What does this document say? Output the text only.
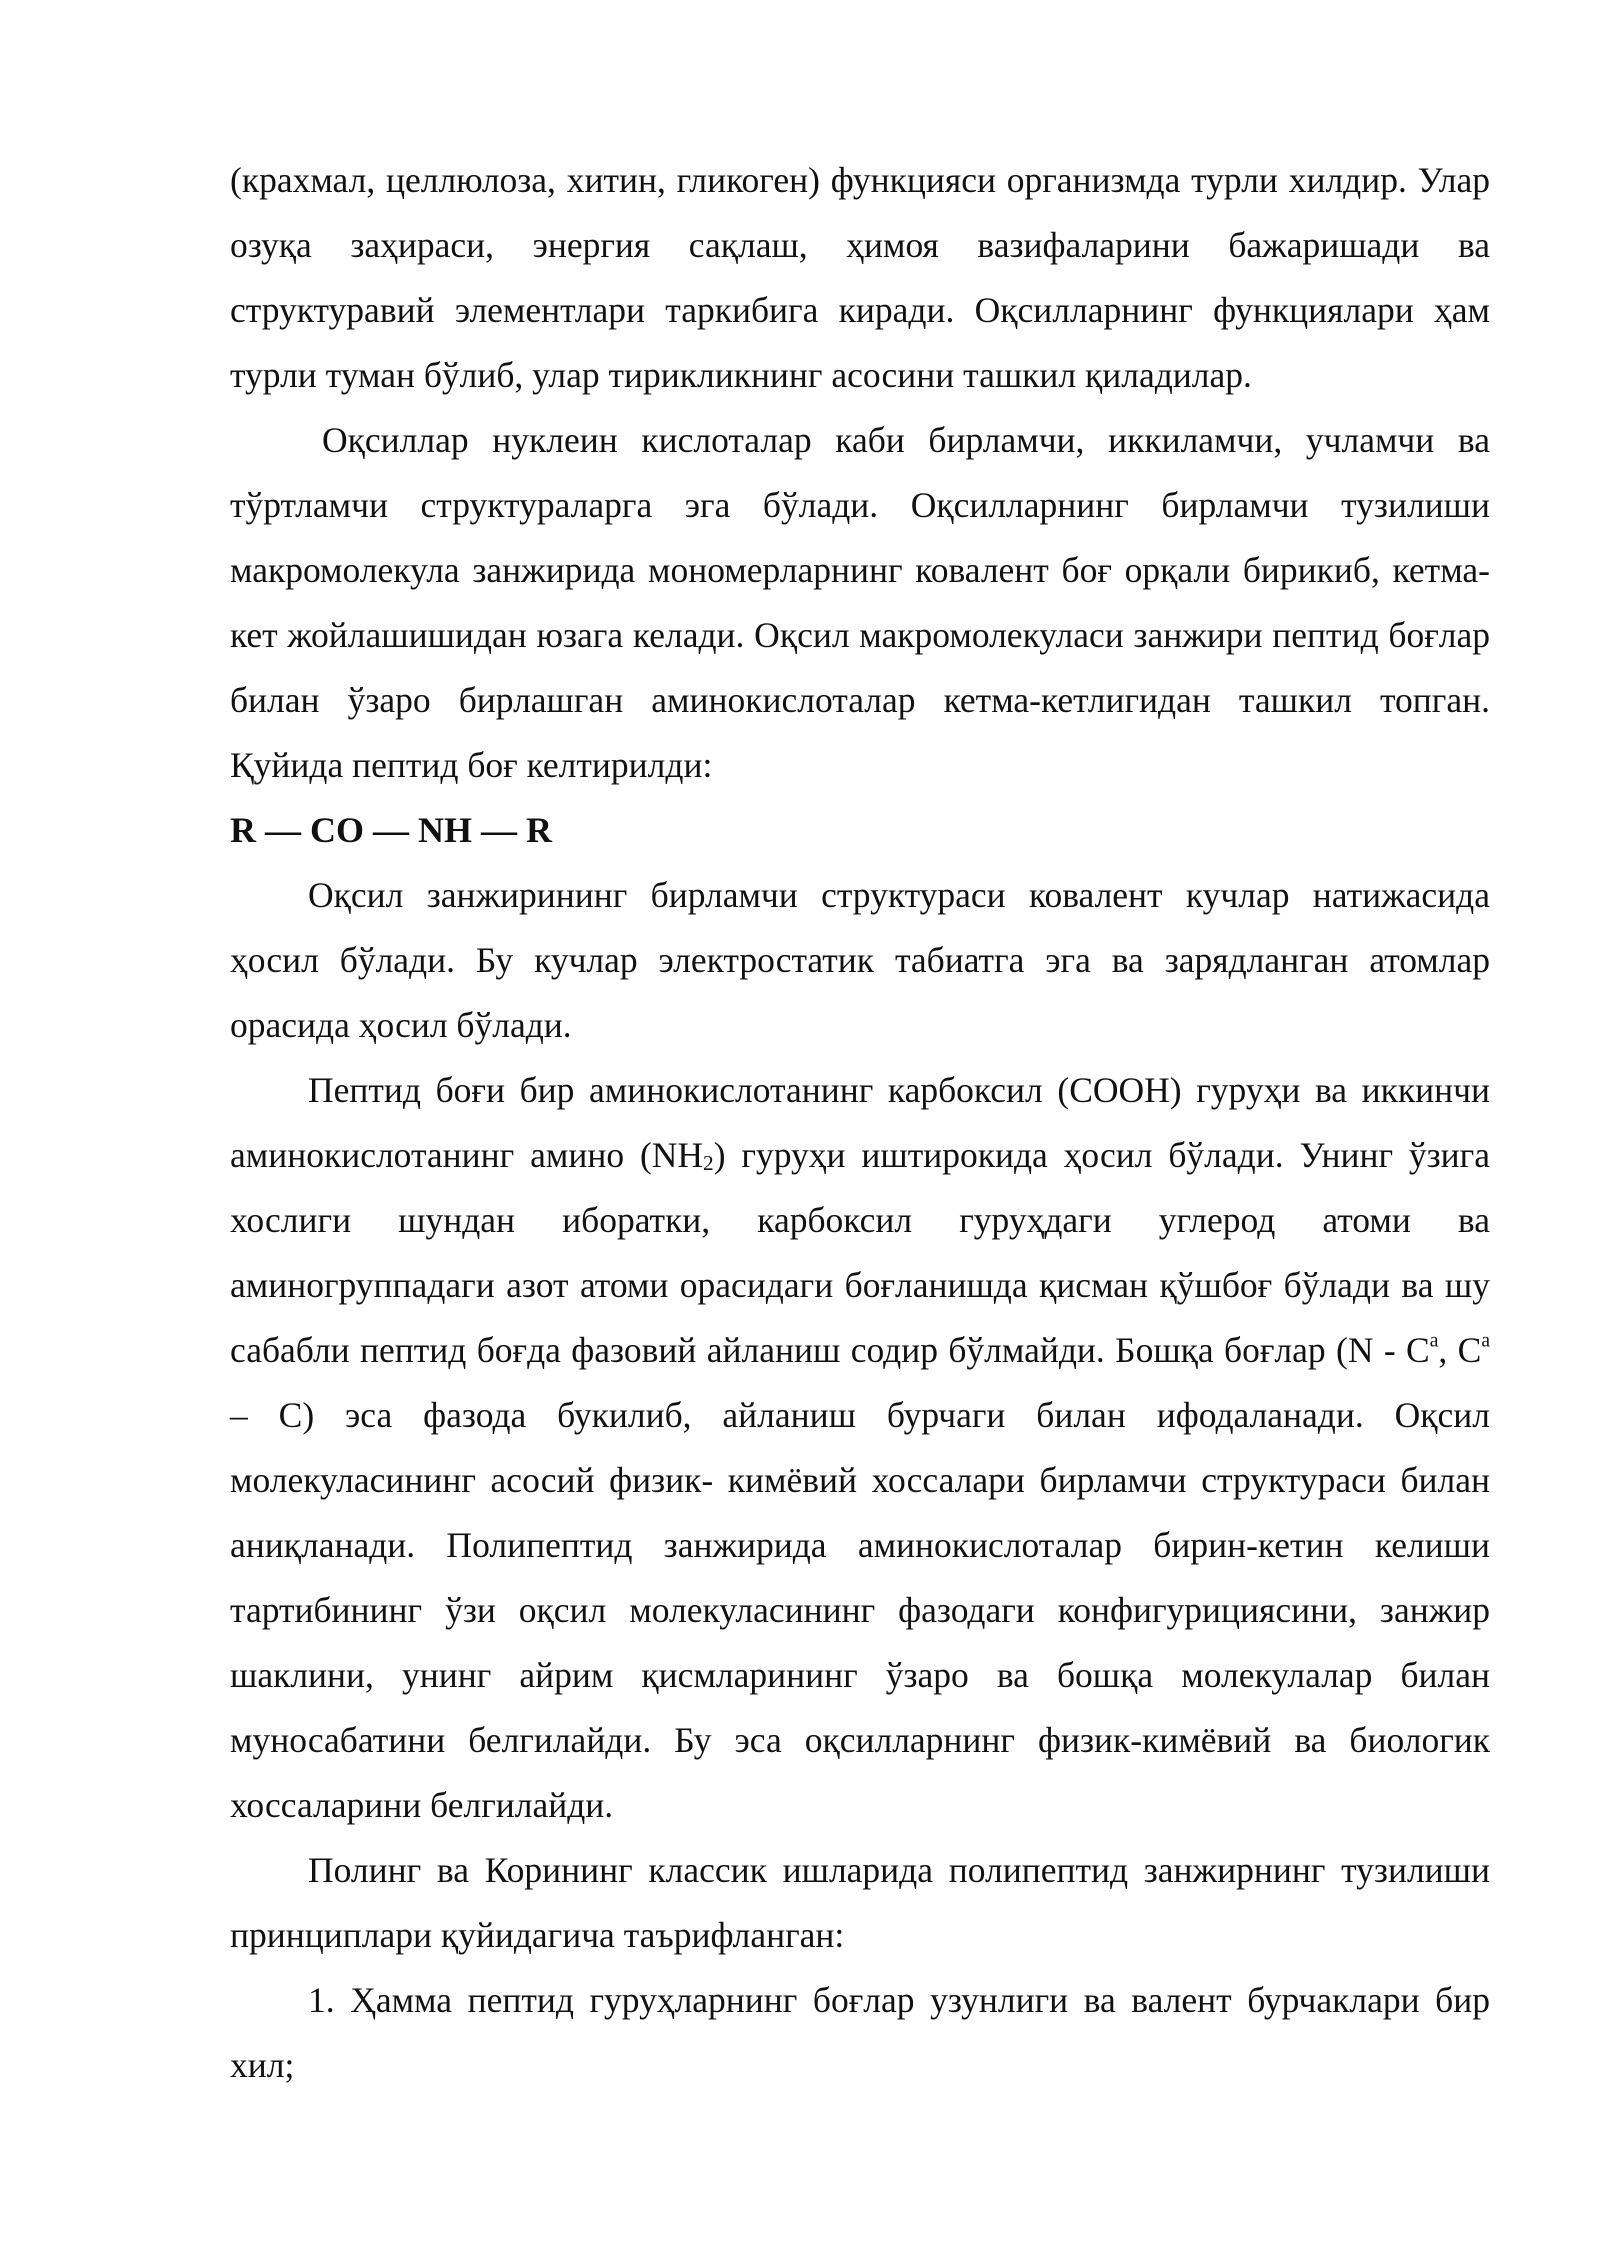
(крахмал, целлюлоза, хитин, гликоген) функцияси организмда турли хилдир. Улар озуқа заҳираси, энергия сақлаш, ҳимоя вазифаларини бажаришади ва структуравий элементлари таркибига киради. Оқсилларнинг функциялари ҳам турли туман бўлиб, улар тирикликнинг асосини ташкил қиладилар.

Оқсиллар нуклеин кислоталар каби бирламчи, иккиламчи, учламчи ва тўртламчи структураларга эга бўлади. Оқсилларнинг бирламчи тузилиши макромолекула занжирида мономерларнинг ковалент боғ орқали бирикиб, кетма-кет жойлашишидан юзага келади. Оқсил макромолекуласи занжири пептид боғлар билан ўзаро бирлашган аминокислоталар кетма-кетлигидан ташкил топган. Қуйида пептид боғ келтирилди:

R — CO — NH — R

Оқсил занжирининг бирламчи структураси ковалент кучлар натижасида ҳосил бўлади. Бу кучлар электростатик табиатга эга ва зарядланган атомлар орасида ҳосил бўлади.

Пептид боғи бир аминокислотанинг карбоксил (COOH) гуруҳи ва иккинчи аминокислотанинг амино $(NH_2)$ гуруҳи иштирокида ҳосил бўлади. Унинг ўзига хослиги шундан иборатки, карбоксил гуруҳдаги углерод атоми ва аминогруппадаги азот атоми орасидаги боғланишда қисман қўшбоғ бўлади ва шу сабабли пептид боғда фазовий айланиш содир бўлмайди. Бошқа боғлар ($N - C^a$, $C^a - C$) эса фазода букилиб, айланиш бурчаги билан ифодаланади. Оқсил молекуласининг асосий физик- кимёвий хоссалари бирламчи структураси билан аниқланади. Полипептид занжирида аминокислоталар бирин-кетин келиши тартибининг ўзи оқсил молекуласининг фазодаги конфигурициясини, занжир шаклини, унинг айрим қисмларининг ўзаро ва бошқа молекулалар билан муносабатини белгилайди. Бу эса оқсилларнинг физик-кимёвий ва биологик хоссаларини белгилайди.

Полинг ва Корининг классик ишларида полипептид занжирнинг тузилиши принциплари қуйидагича таърифланган:

1. Ҳамма пептид гуруҳларнинг боғлар узунлиги ва валент бурчаклари бир хил;
